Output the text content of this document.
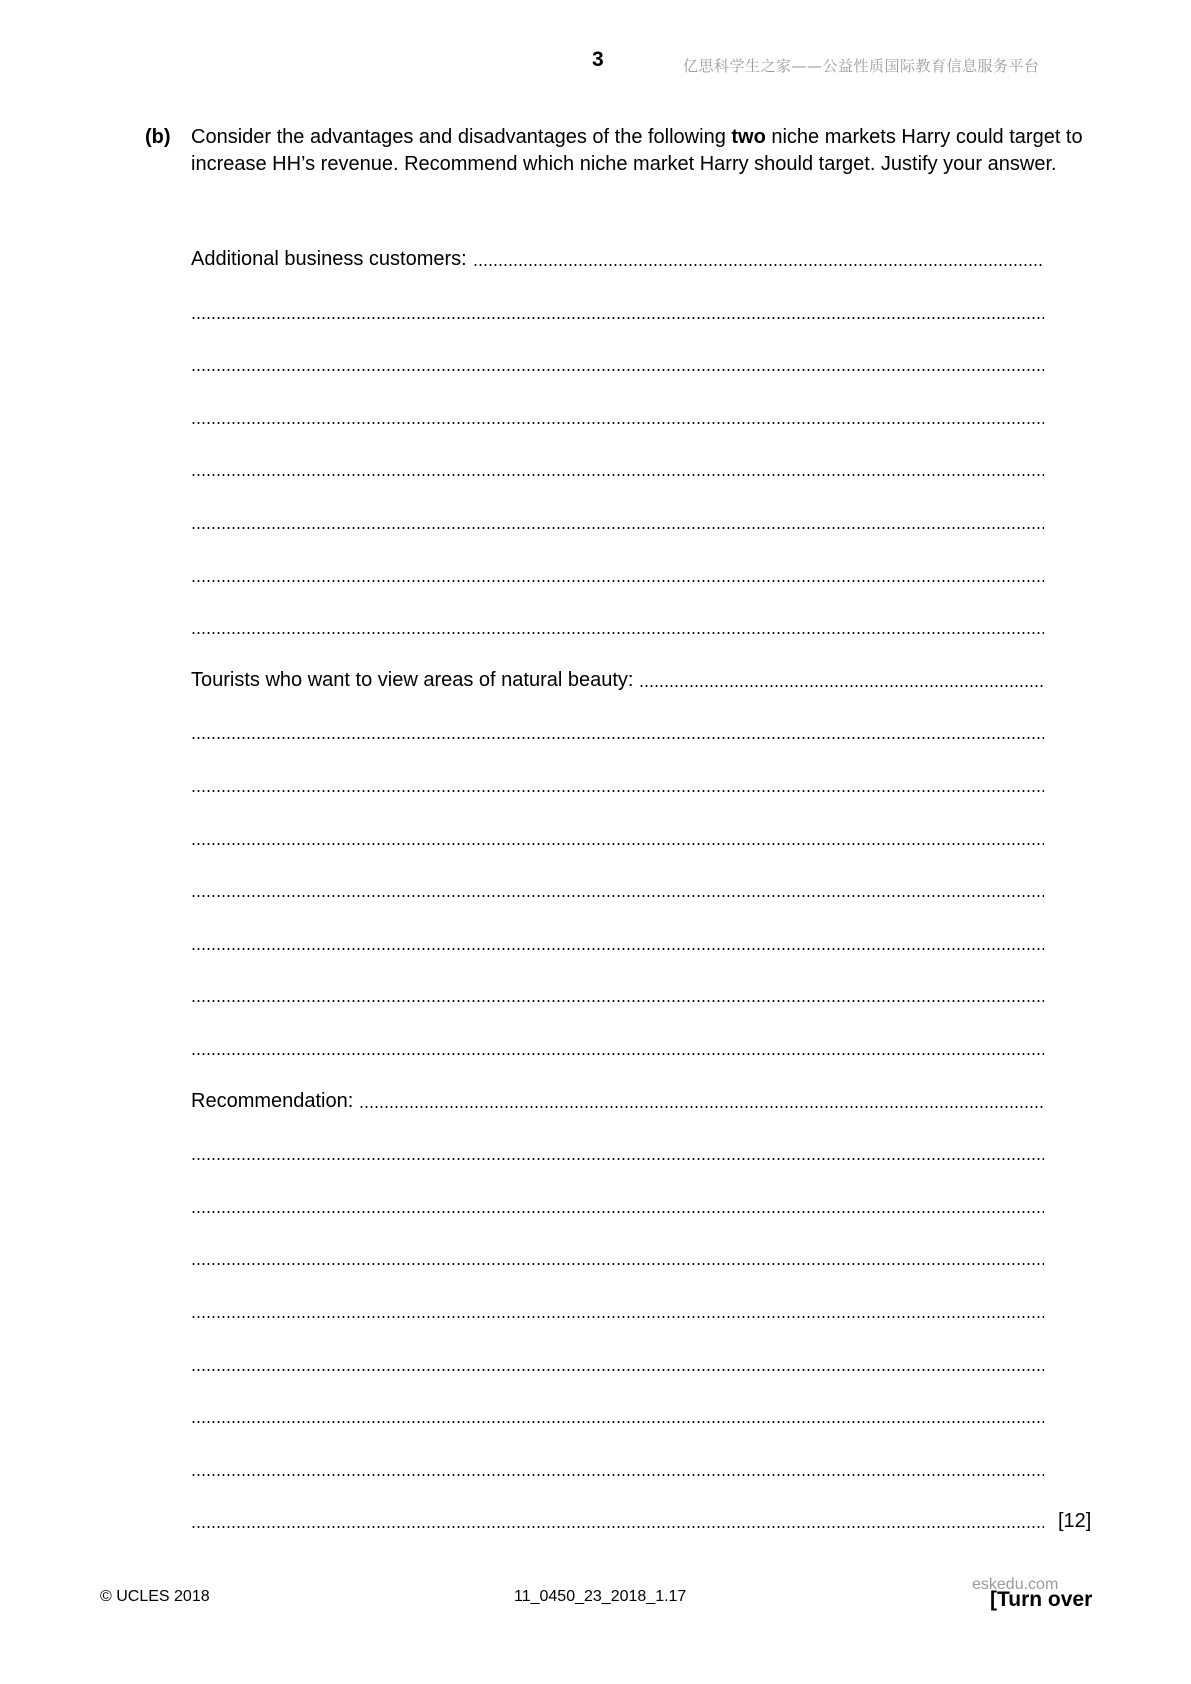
3	亿思科学生之家——公益性质国际教育信息服务平台
(b) Consider the advantages and disadvantages of the following two niche markets Harry could target to increase HH’s revenue. Recommend which niche market Harry should target. Justify your answer.
Additional business customers:
Tourists who want to view areas of natural beauty:
Recommendation:
[12]
© UCLES 2018	11_0450_23_2018_1.17
eskedu.com
[Turn over
